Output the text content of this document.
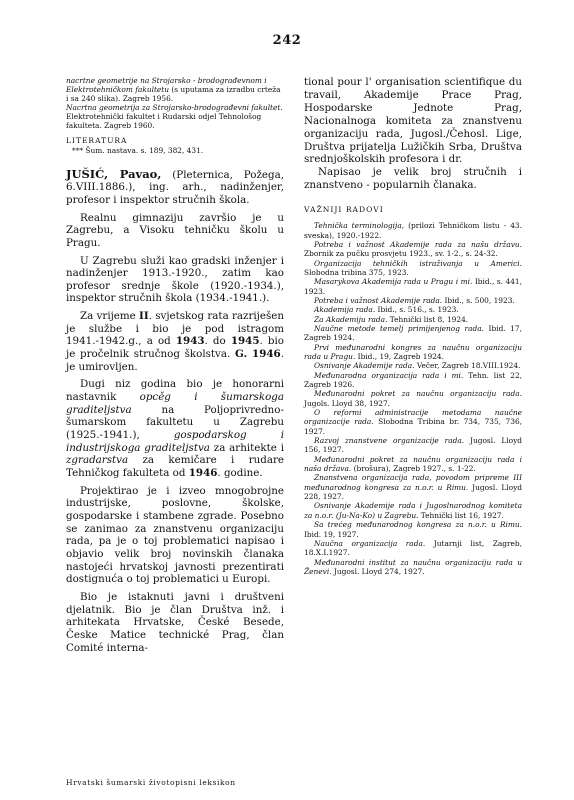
242

nacrtne geometrije na Strojarsko - brodograđevnom i Elektrotehničkom fakultetu (s uputama za izradbu crteža i sa 240 slika). Zagreb 1956.

Nacrtna geometrija za Strojarsko-brodograđevni fakultet. Elektrotehnički fakultet i Rudarski odjel Tehnološog fakulteta. Zagreb 1960.

LITERATURA
*** Šum. nastava. s. 189, 382, 431.

JUŠIĆ, Pavao, (Pleternica, Požega, 6.VIII.1886.), ing. arh., nadinženjer, profesor i inspektor stručnih škola.

Realnu gimnaziju završio je u Zagrebu, a Visoku tehničku školu u Pragu.

U Zagrebu služi kao gradski inženjer i nadinženjer 1913.-1920., zatim kao profesor srednje škole (1920.-1934.), inspektor stručnih škola (1934.-1941.).

Za vrijeme II. svjetskog rata razriješen je službe i bio je pod istragom 1941.-1942.g., a od 1943. do 1945. bio je pročelnik stručnog školstva. G. 1946. je umirovljen.

Dugi niz godina bio je honorarni nastavnik opcěg i šumarskoga graditeljstva na Poljoprivredno-šumarskom fakultetu u Zagrebu (1925.-1941.), gospodarskog i industrijskoga graditeljstva za arhitekte i zgradarstva za kemičare i rudare Tehničkog fakulteta od 1946. godine.

Projektirao je i izveo mnogobrojne industrijske, poslovne, školske, gospodarske i stambene zgrade. Posebno se zanimao za znanstvenu organizaciju rada, pa je o toj problematici napisao i objavio velik broj novinskih članaka nastojeći hrvatskoj javnosti prezentirati dostignuća o toj problematici u Europi.

Bio je istaknuti javni i društveni djelatnik. Bio je član Društva inž. i arhitekata Hrvatske, České Besede, Českе Matice technické Prag, član Comité interna-

tional pour l' organisation scientifique du travail, Akademije Prace Prag, Hospodarske Jednote Prag, Nacionalnoga komiteta za znanstvenu organizaciju rada, Jugosl./Čehosl. Lige, Društva prijatelja Lužičkih Srba, Društva srednjoškolskih profesora i dr.

Napisao je velik broj stručnih i znanstveno - popularnih članaka.

VAŽNIJI RADOVI

Tehnička terminologija, (prilozi Tehničkom listu - 43. sveska), 1920.-1922.

Potreba i važnost Akademije rada za našu državu. Zbornik za pučku prosvjetu 1923., sv. 1-2., s. 24-32.

Organizacija tehničkih istraživanja u Americi. Slobodna tribina 375, 1923.

Masarykova Akademija rada u Pragu i mi. Ibid., s. 441, 1923.

Potreba i važnost Akademije rada. Ibid., s. 500, 1923.

Akademija rada. Ibid., s. 516., s. 1923.

Za Akademiju rada. Tehnički list 8, 1924.

Naučne metode temelj primijenjenog rada. Ibid. 17, Zagreb 1924.

Prvi međunarodni kongres za naučnu organizaciju rada u Pragu. Ibid., 19, Zagreb 1924.

Osnivanje Akademije rada. Večer, Zagreb 18.VIII.1924.

Međunarodna organizacija rada i mi. Tehn. list 22, Zagreb 1926.

Međunarodni pokret za naučnu organizaciju rada. Jugols. Lloyd 38, 1927.

O reformi administracije metodama naučne organizacije rada. Slobodna Tribina br. 734, 735, 736, 1927.

Razvoj znanstvene organizacije rada. Jugosl. Lloyd 156, 1927.

Međunarodni pokret za naučnu organizaciju rada i naša država. (brošura), Zagreb 1927., s. 1-22.

Znanstvena organizacija rada, povodom pripreme III međunarodnog kongresa za n.o.r. u Rimu. Jugosl. Lloyd 228, 1927.

Osnivanje Akademije rada i Jugoslnarodnog komiteta za n.o.r. (Ju-Na-Ko) u Zagrebu. Tehnički list 16, 1927.

Sa trećeg međunarodnog kongresa za n.o.r. u Rimu. Ibid. 19, 1927.

Naučna organizacija rada. Jutarnji list, Zagreb, 18.X.I.1927.

Međunarodni institut za naučnu organizaciju rada u Ženevi. Jugosl. Lloyd 274, 1927.

Hrvatski šumarski životopisni leksikon
